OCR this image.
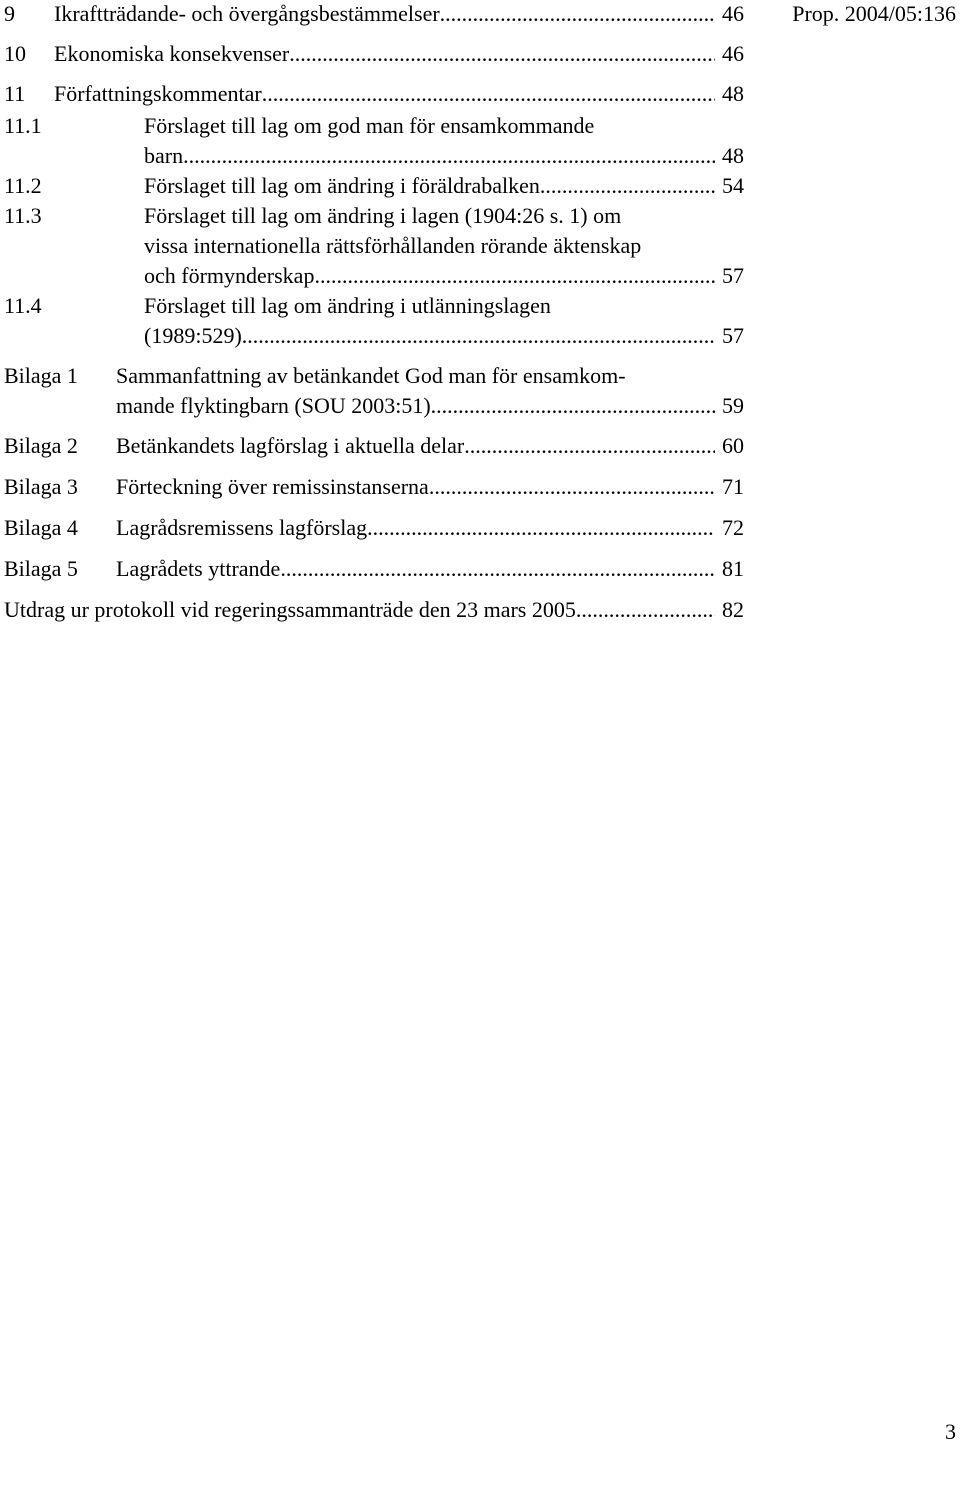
Prop. 2004/05:136
9	Ikraftträdande- och övergångsbestämmelser .....	46
10	Ekonomiska konsekvenser .....	46
11	Författningskommentar .....	48
11.1	Förslaget till lag om god man för ensamkommande
barn. .....	48
11.2	Förslaget till lag om ändring i föräldrabalken .....	54
11.3	Förslaget till lag om ändring i lagen (1904:26 s. 1) om
vissa internationella rättsförhållanden rörande äktenskap
och förmynderskap .....	57
11.4	Förslaget till lag om ändring i utlänningslagen
(1989:529) .....	57
Bilaga 1	Sammanfattning av betänkandet God man för ensamkom-
mande flyktingbarn (SOU 2003:51) .....	59
Bilaga 2	Betänkandets lagförslag i aktuella delar .....	60
Bilaga 3	Förteckning över remissinstanserna .....	71
Bilaga 4	Lagrådsremissens lagförslag .....	72
Bilaga 5	Lagrådets yttrande .....	81
Utdrag ur protokoll vid regeringssammanträde den 23 mars 2005 .....	82
3
